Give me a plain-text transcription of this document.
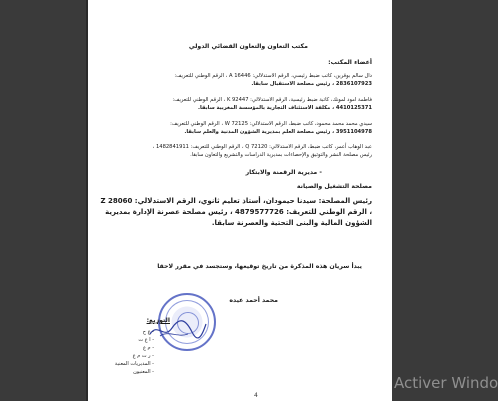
مكتب التعاون والتعاون القضائي الدولي
أعضاء المكتب:
دال سالم بوقرين، كاتب ضبط رئيسي، الرقم الاستدلالي: A 16446 ، الرقم الوطني للتعريف:
2836107923 ، رئيس مصلحة الاستقبال سابقا.
فاطمة امود لمونك، كاتبة ضبط رئيسية، الرقم الاستدلالي: K 92447 ، الرقم الوطني للتعريف:
4410125371 ، مكلفة الاستئناف التجارية بالمؤسسة المغربية سابقا.
سيدي محمد محمد محمود، كاتب ضبط، الرقم الاستدلالي: W 72125 ، الرقم الوطني للتعريف:
3951104978 ، رئيس مصلحة العلم بمديرية الشؤون المدنية والعلم سابقا.
عبد الوهاب أعمر، كاتب ضبط، الرقم الاستدلالي: Q 72120 ، الرقم الوطني للتعريف: 1482841911 ،
رئيس مصلحة النشر والتوثيق والإحصاءات بمديرية الدراسات والتشريع والتعاون سابقا.
- مديرية الرقمنة والابتكار
مصلحة التشغيل والصيانة
رئيس المصلحة: سيدنا حيمودان، أستاذ تعليم ثانوي، الرقم الاستدلالي: Z 28060 ، الرقم الوطني للتعريف: 4879577726 ، رئيس مصلحة عصرنة الإدارة بمديرية الشؤون المالية والبنى التحتية والعصرنة سابقا.
يبدأ سريان هذه المذكرة من تاريخ توقيعها، وستجسد في مقرر لاحقا
محمد أحمد عيده
التوزيع:
- ع ح
- ا ع ت
- م ع
- ر ت م ع
- المديريات المعنية
- المعنيون
4
Activer Windo
